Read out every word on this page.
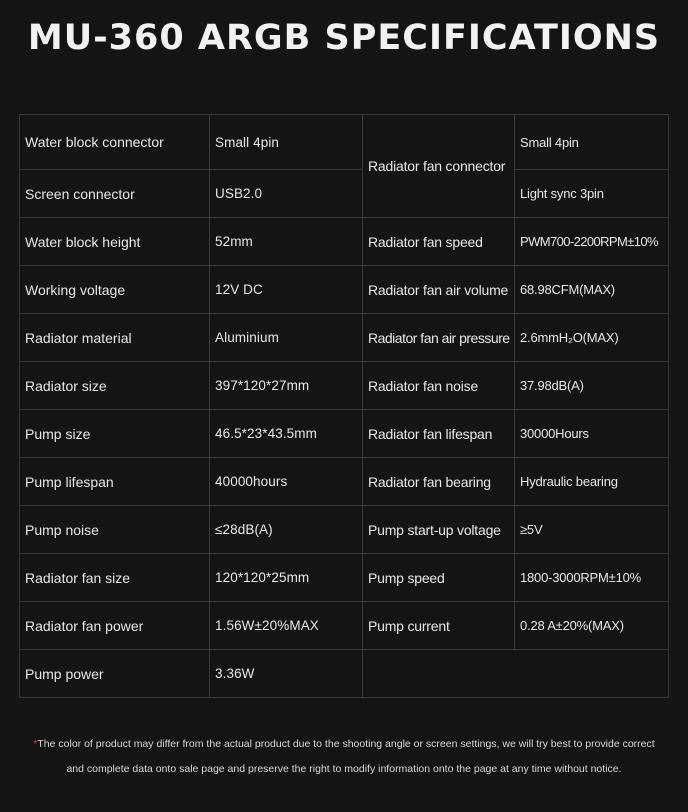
MU-360 ARGB SPECIFICATIONS
Water block connector	Small 4pin	Radiator fan connector	Small 4pin
Screen connector	USB2.0		Light sync 3pin
Water block height	52mm	Radiator fan speed	PWM700-2200RPM±10%
Working voltage	12V DC	Radiator fan air volume	68.98CFM(MAX)
Radiator material	Aluminium	Radiator fan air pressure	2.6mmH₂O(MAX)
Radiator size	397*120*27mm	Radiator fan noise	37.98dB(A)
Pump size	46.5*23*43.5mm	Radiator fan lifespan	30000Hours
Pump lifespan	40000hours	Radiator fan bearing	Hydraulic bearing
Pump noise	≤28dB(A)	Pump start-up voltage	≥5V
Radiator fan size	120*120*25mm	Pump speed	1800-3000RPM±10%
Radiator fan power	1.56W±20%MAX	Pump current	0.28 A±20%(MAX)
Pump power	3.36W		
*The color of product may differ from the actual product due to the shooting angle or screen settings, we will try best to provide correct
and complete data onto sale page and preserve the right to modify information onto the page at any time without notice.
